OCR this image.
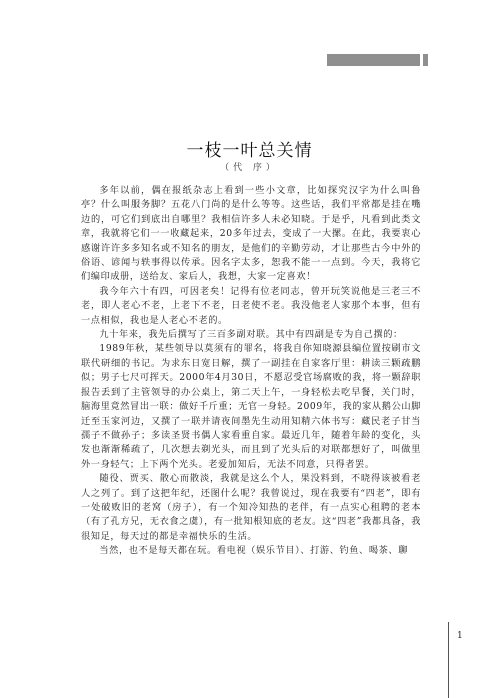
一枝一叶总关情
（代 序）

多年以前，偶在报纸杂志上看到一些小文章，比如探究汉字为什么叫鲁亭？什么叫服务脚？五花八门尚的是什么等等。这些话，我们平常都是挂在嘴边的，可它们到底出自哪里？我相信许多人未必知晓。于是乎，凡看到此类文章，我就将它们一一收藏起来，20多年过去，变成了一大摞。在此，我要衷心感谢许许多多知名或不知名的朋友，是他们的辛勤劳动，才让那些古今中外的俗语、谚闻与轶事得以传承。因名字太多，恕我不能一一点到。今天，我将它们编印成册，送给友、家后人，我想，大家一定喜欢！

我今年六十有四，可因老矣！记得有位老同志，曾开玩笑说他是三老三不老，即人老心不老，上老下不老，日老使不老。我没他老人家那个本事，但有一点相似，我也是人老心不老的。

九十年来，我先后撰写了三百多副对联。其中有四副是专为自己撰的：

1989年秋，某些领导以莫须有的罪名，将我自你知晓源县编位置按刷市文联代研细的书记。为求东日宽日解，撰了一副挂在自家客厅里：耕读三颗疏鹏似；男子七尺可挥天。2000年4月30日，不愿忍受官场腐败的我，将一颗辞职报告丢到了主管领导的办公桌上，第二天上午，一身轻松去吃早餐，关门时，脑海里竟然冒出一联：做好千斤重；无官一身轻。2009年，我的家从鹅公山脚迁至玉家河边，又撰了一联并请夜间墨先生动用知精六体书写：藏民老子甘当孺子不做孙子；多读圣贤书偶人家看重自家。最近几年，随着年龄的变化，头发也渐渐稀疏了，几次想去剃光头，而且到了光头后的对联都想好了，叫做里外一身轻气；上下两个光头。老爱加知后，无法不同意，只得者罢。

随役、贾买、散心而散淡，我就是这么个人，果没料到，不晓得该被看老人之列了。到了这把年纪，还图什么呢？我曾说过，现在我要有“四老”，即有一处破败旧的老窝（房子），有一个知冷知热的老伴，有一点实心租聘的老本（有了孔方兄，无衣食之虞），有一批知根知底的老友。这“四老”我都具备，我很知足，每天过的都是幸福快乐的生活。

当然，也不是每天都在玩。看电视（娱乐节目）、打游、钓鱼、喝茶、聊

1
